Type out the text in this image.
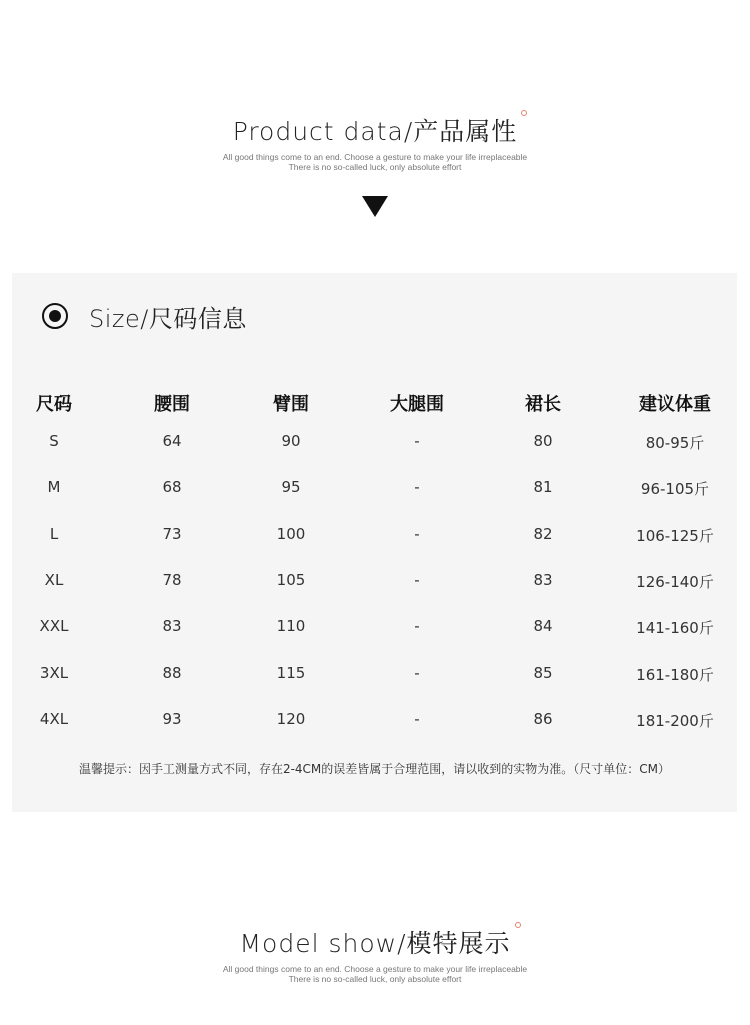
Product data/产品属性
All good things come to an end. Choose a gesture to make your life irreplaceable
There is no so-called luck, only absolute effort
Size/尺码信息
尺码	腰围	臂围	大腿围	裙长	建议体重
S	64	90	-	80	80-95斤
M	68	95	-	81	96-105斤
L	73	100	-	82	106-125斤
XL	78	105	-	83	126-140斤
XXL	83	110	-	84	141-160斤
3XL	88	115	-	85	161-180斤
4XL	93	120	-	86	181-200斤
温馨提示：因手工测量方式不同，存在2-4CM的误差皆属于合理范围，请以收到的实物为准。（尺寸单位：CM）
Model show/模特展示
All good things come to an end. Choose a gesture to make your life irreplaceable
There is no so-called luck, only absolute effort
